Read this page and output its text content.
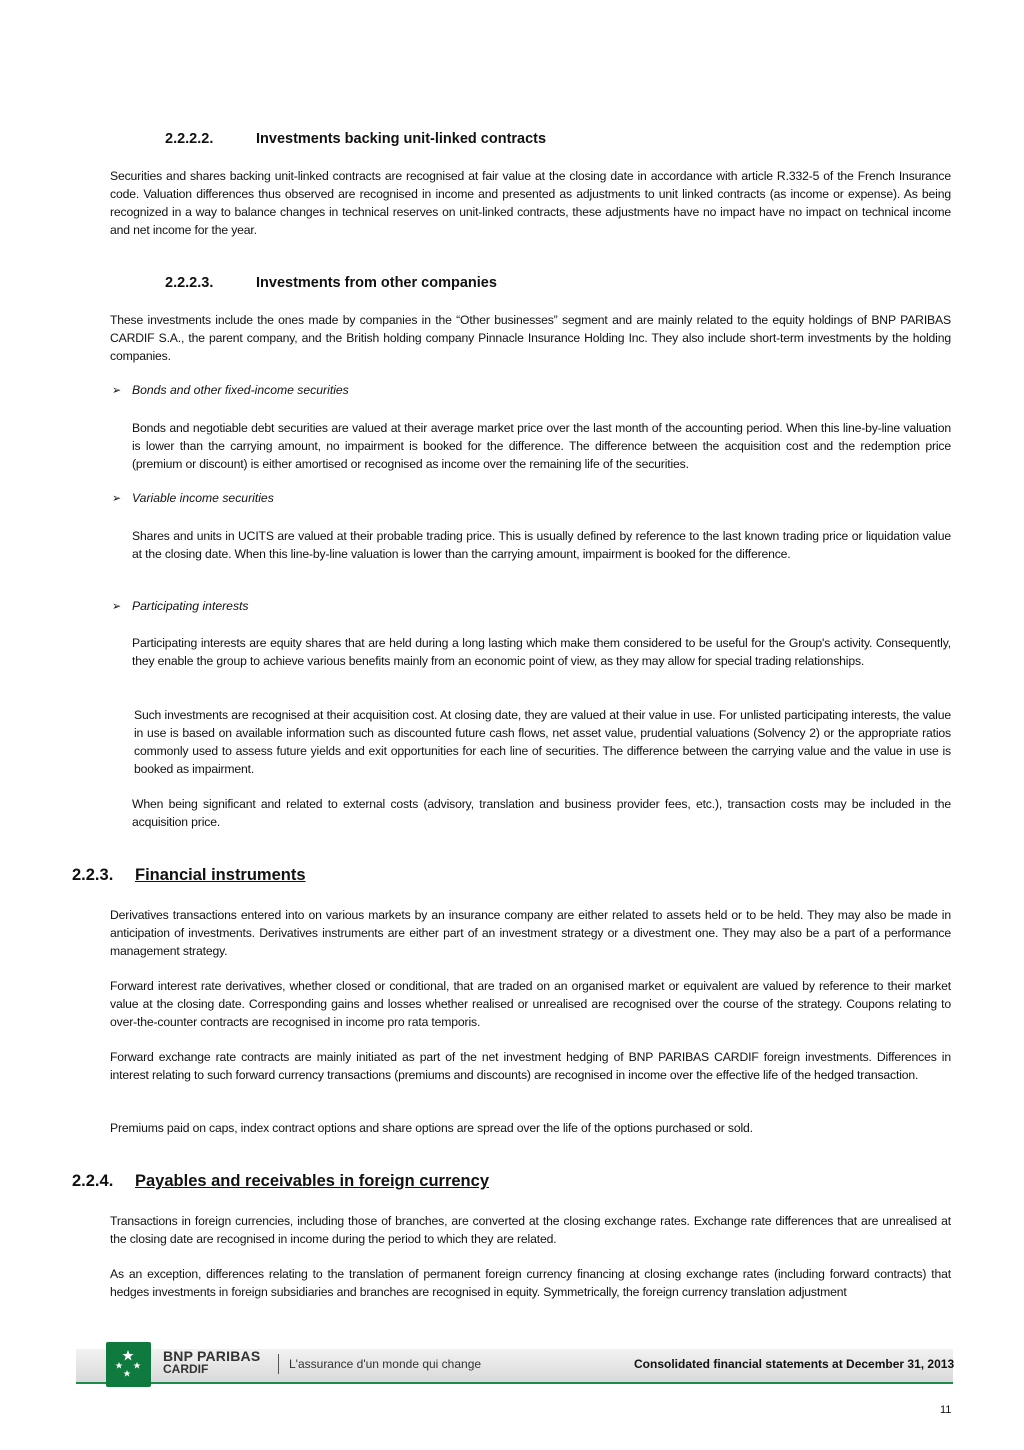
2.2.2.2.	Investments backing unit-linked contracts

Securities and shares backing unit-linked contracts are recognised at fair value at the closing date in accordance with article R.332-5 of the French Insurance code. Valuation differences thus observed are recognised in income and presented as adjustments to unit linked contracts (as income or expense). As being recognized in a way to balance changes in technical reserves on unit-linked contracts, these adjustments have no impact have no impact on technical income and net income for the year.

2.2.2.3.	Investments from other companies

These investments include the ones made by companies in the “Other businesses” segment and are mainly related to the equity holdings of BNP PARIBAS CARDIF S.A., the parent company, and the British holding company Pinnacle Insurance Holding Inc. They also include short-term investments by the holding companies.

➢ Bonds and other fixed-income securities

Bonds and negotiable debt securities are valued at their average market price over the last month of the accounting period. When this line-by-line valuation is lower than the carrying amount, no impairment is booked for the difference. The difference between the acquisition cost and the redemption price (premium or discount) is either amortised or recognised as income over the remaining life of the securities.

➢ Variable income securities

Shares and units in UCITS are valued at their probable trading price. This is usually defined by reference to the last known trading price or liquidation value at the closing date. When this line-by-line valuation is lower than the carrying amount, impairment is booked for the difference.

➢ Participating interests

Participating interests are equity shares that are held during a long lasting which make them considered to be useful for the Group's activity. Consequently, they enable the group to achieve various benefits mainly from an economic point of view, as they may allow for special trading relationships.

Such investments are recognised at their acquisition cost. At closing date, they are valued at their value in use. For unlisted participating interests, the value in use is based on available information such as discounted future cash flows, net asset value, prudential valuations (Solvency 2) or the appropriate ratios commonly used to assess future yields and exit opportunities for each line of securities. The difference between the carrying value and the value in use is booked as impairment.

When being significant and related to external costs (advisory, translation and business provider fees, etc.), transaction costs may be included in the acquisition price.

2.2.3.	Financial instruments

Derivatives transactions entered into on various markets by an insurance company are either related to assets held or to be held. They may also be made in anticipation of investments. Derivatives instruments are either part of an investment strategy or a divestment one. They may also be a part of a performance management strategy.

Forward interest rate derivatives, whether closed or conditional, that are traded on an organised market or equivalent are valued by reference to their market value at the closing date. Corresponding gains and losses whether realised or unrealised are recognised over the course of the strategy. Coupons relating to over-the-counter contracts are recognised in income pro rata temporis.

Forward exchange rate contracts are mainly initiated as part of the net investment hedging of BNP PARIBAS CARDIF foreign investments. Differences in interest relating to such forward currency transactions (premiums and discounts) are recognised in income over the effective life of the hedged transaction.

Premiums paid on caps, index contract options and share options are spread over the life of the options purchased or sold.

2.2.4.	Payables and receivables in foreign currency

Transactions in foreign currencies, including those of branches, are converted at the closing exchange rates. Exchange rate differences that are unrealised at the closing date are recognised in income during the period to which they are related.

As an exception, differences relating to the translation of permanent foreign currency financing at closing exchange rates (including forward contracts) that hedges investments in foreign subsidiaries and branches are recognised in equity. Symmetrically, the foreign currency translation adjustment

BNP PARIBAS
CARDIF	L'assurance d'un monde qui change	Consolidated financial statements at December 31, 2013
11
